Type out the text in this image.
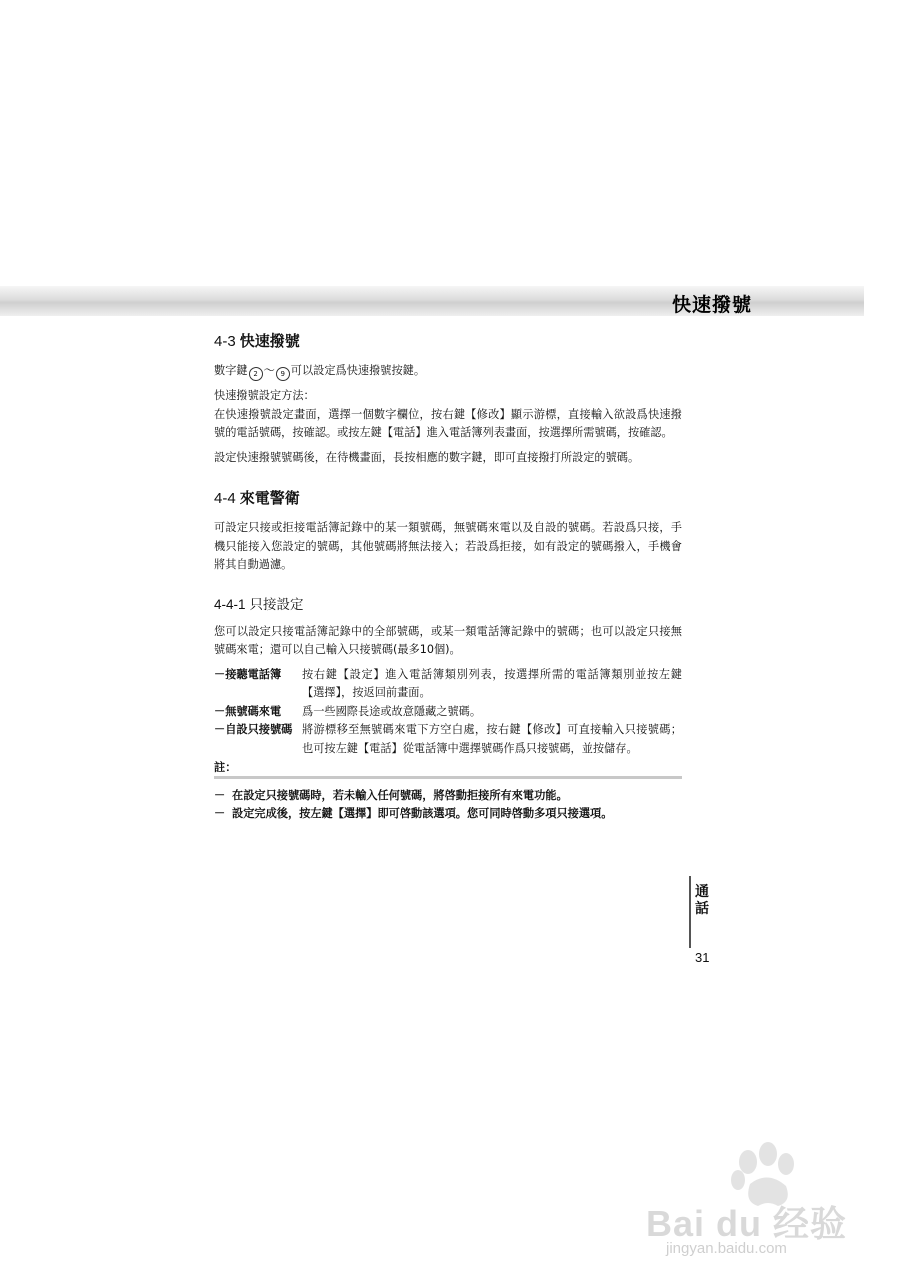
快速撥號
4-3 快速撥號

數字鍵 2 ～ 9 可以設定爲快速撥號按鍵。

快速撥號設定方法：

在快速撥號設定畫面，選擇一個數字欄位，按右鍵【修改】顯示游標，直接輸入欲設爲快速撥號的電話號碼，按確認。或按左鍵【電話】進入電話簿列表畫面，按選擇所需號碼，按確認。

設定快速撥號號碼後，在待機畫面，長按相應的數字鍵，即可直接撥打所設定的號碼。

4-4 來電警衛

可設定只接或拒接電話簿記錄中的某一類號碼，無號碼來電以及自設的號碼。若設爲只接，手機只能接入您設定的號碼，其他號碼將無法接入；若設爲拒接，如有設定的號碼撥入，手機會將其自動過濾。

4-4-1 只接設定

您可以設定只接電話簿記錄中的全部號碼，或某一類電話簿記錄中的號碼；也可以設定只接無號碼來電；還可以自己輸入只接號碼(最多10個)。

－接聽電話簿	按右鍵【設定】進入電話簿類別列表，按選擇所需的電話簿類別並按左鍵【選擇】，按返回前畫面。
－無號碼來電	爲一些國際長途或故意隱藏之號碼。
－自設只接號碼 將游標移至無號碼來電下方空白處，按右鍵【修改】可直接輸入只接號碼；也可按左鍵【電話】從電話簿中選擇號碼作爲只接號碼，並按儲存。
註：
－ 在設定只接號碼時，若未輸入任何號碼，將啓動拒接所有來電功能。
－ 設定完成後，按左鍵【選擇】即可啓動該選項。您可同時啓動多項只接選項。
通話
31
Bai du 经验
jingyan.baidu.com
